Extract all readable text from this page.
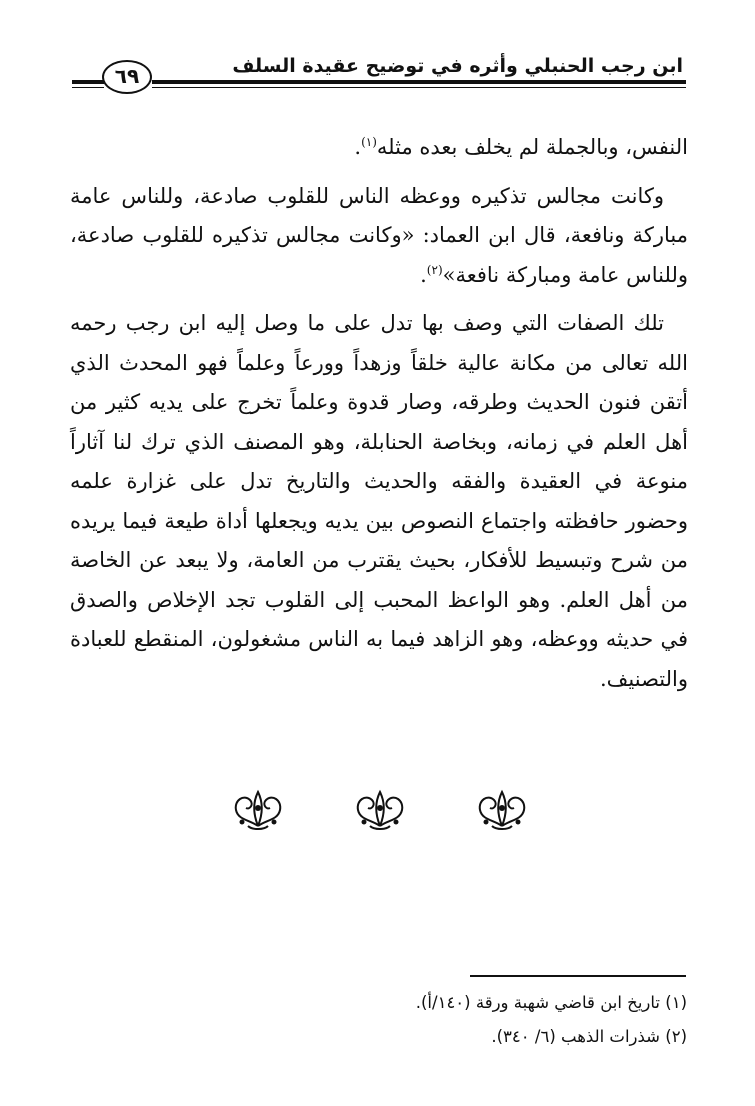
ابن رجب الحنبلي وأثره في توضيح عقيدة السلف
٦٩

النفس، وبالجملة لم يخلف بعده مثله$^{(١)}$.

وكانت مجالس تذكيره ووعظه الناس للقلوب صادعة، وللناس عامة مباركة ونافعة، قال ابن العماد: «وكانت مجالس تذكيره للقلوب صادعة، وللناس عامة ومباركة نافعة»$^{(٢)}$.

تلك الصفات التي وصف بها تدل على ما وصل إليه ابن رجب رحمه الله تعالى من مكانة عالية خلقاً وزهداً وورعاً وعلماً فهو المحدث الذي أتقن فنون الحديث وطرقه، وصار قدوة وعلماً تخرج على يديه كثير من أهل العلم في زمانه، وبخاصة الحنابلة، وهو المصنف الذي ترك لنا آثاراً منوعة في العقيدة والفقه والحديث والتاريخ تدل على غزارة علمه وحضور حافظته واجتماع النصوص بين يديه ويجعلها أداة طيعة فيما يريده من شرح وتبسيط للأفكار، بحيث يقترب من العامة، ولا يبعد عن الخاصة من أهل العلم. وهو الواعظ المحبب إلى القلوب تجد الإخلاص والصدق في حديثه ووعظه، وهو الزاهد فيما به الناس مشغولون، المنقطع للعبادة والتصنيف.

(١) تاريخ ابن قاضي شهبة ورقة (١٤٠/أ).
(٢) شذرات الذهب (٦/ ٣٤٠).
